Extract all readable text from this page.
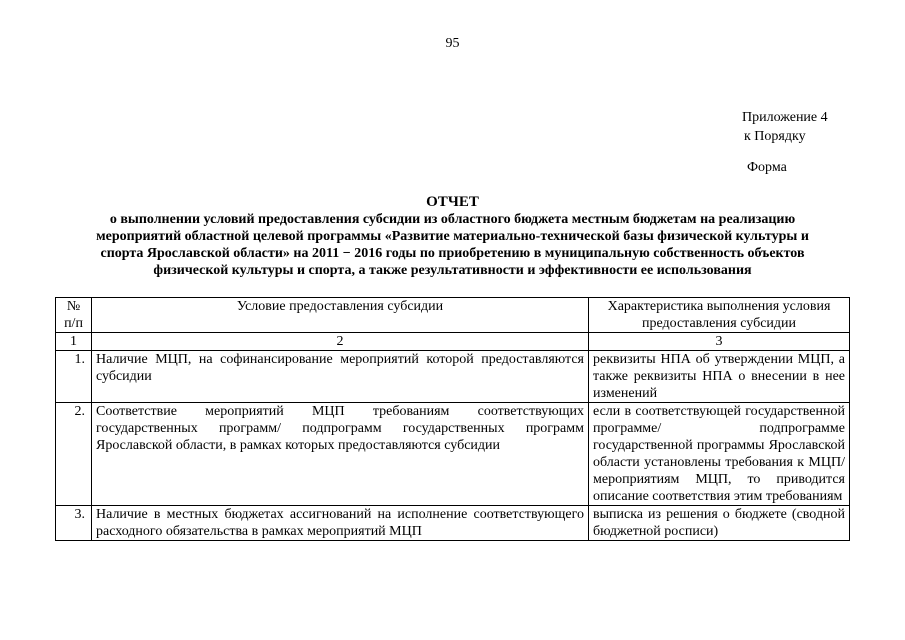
95
Приложение 4
к Порядку
Форма
ОТЧЕТ
о выполнении условий предоставления субсидии из областного бюджета местным бюджетам на реализацию
мероприятий областной целевой программы «Развитие материально-технической базы физической культуры и
спорта Ярославской области» на 2011 − 2016 годы по приобретению в муниципальную собственность объектов
физической культуры и спорта, а также результативности и эффективности ее использования
№ п/п	Условие предоставления субсидии	Характеристика выполнения условия предоставления субсидии
1	2	3
1.	Наличие МЦП, на софинансирование мероприятий которой предоставляются субсидии	реквизиты НПА об утверждении МЦП, а также реквизиты НПА о внесении в нее изменений
2.	Соответствие мероприятий МЦП требованиям соответствующих государственных программ/ подпрограмм государственных программ Ярославской области, в рамках которых предоставляются субсидии	если в соответствующей государственной программе/ подпрограмме государственной программы Ярославской области установлены требования к МЦП/ мероприятиям МЦП, то приводится описание соответствия этим требованиям
3.	Наличие в местных бюджетах ассигнований на исполнение соответствующего расходного обязательства в рамках мероприятий МЦП	выписка из решения о бюджете (сводной бюджетной росписи)
